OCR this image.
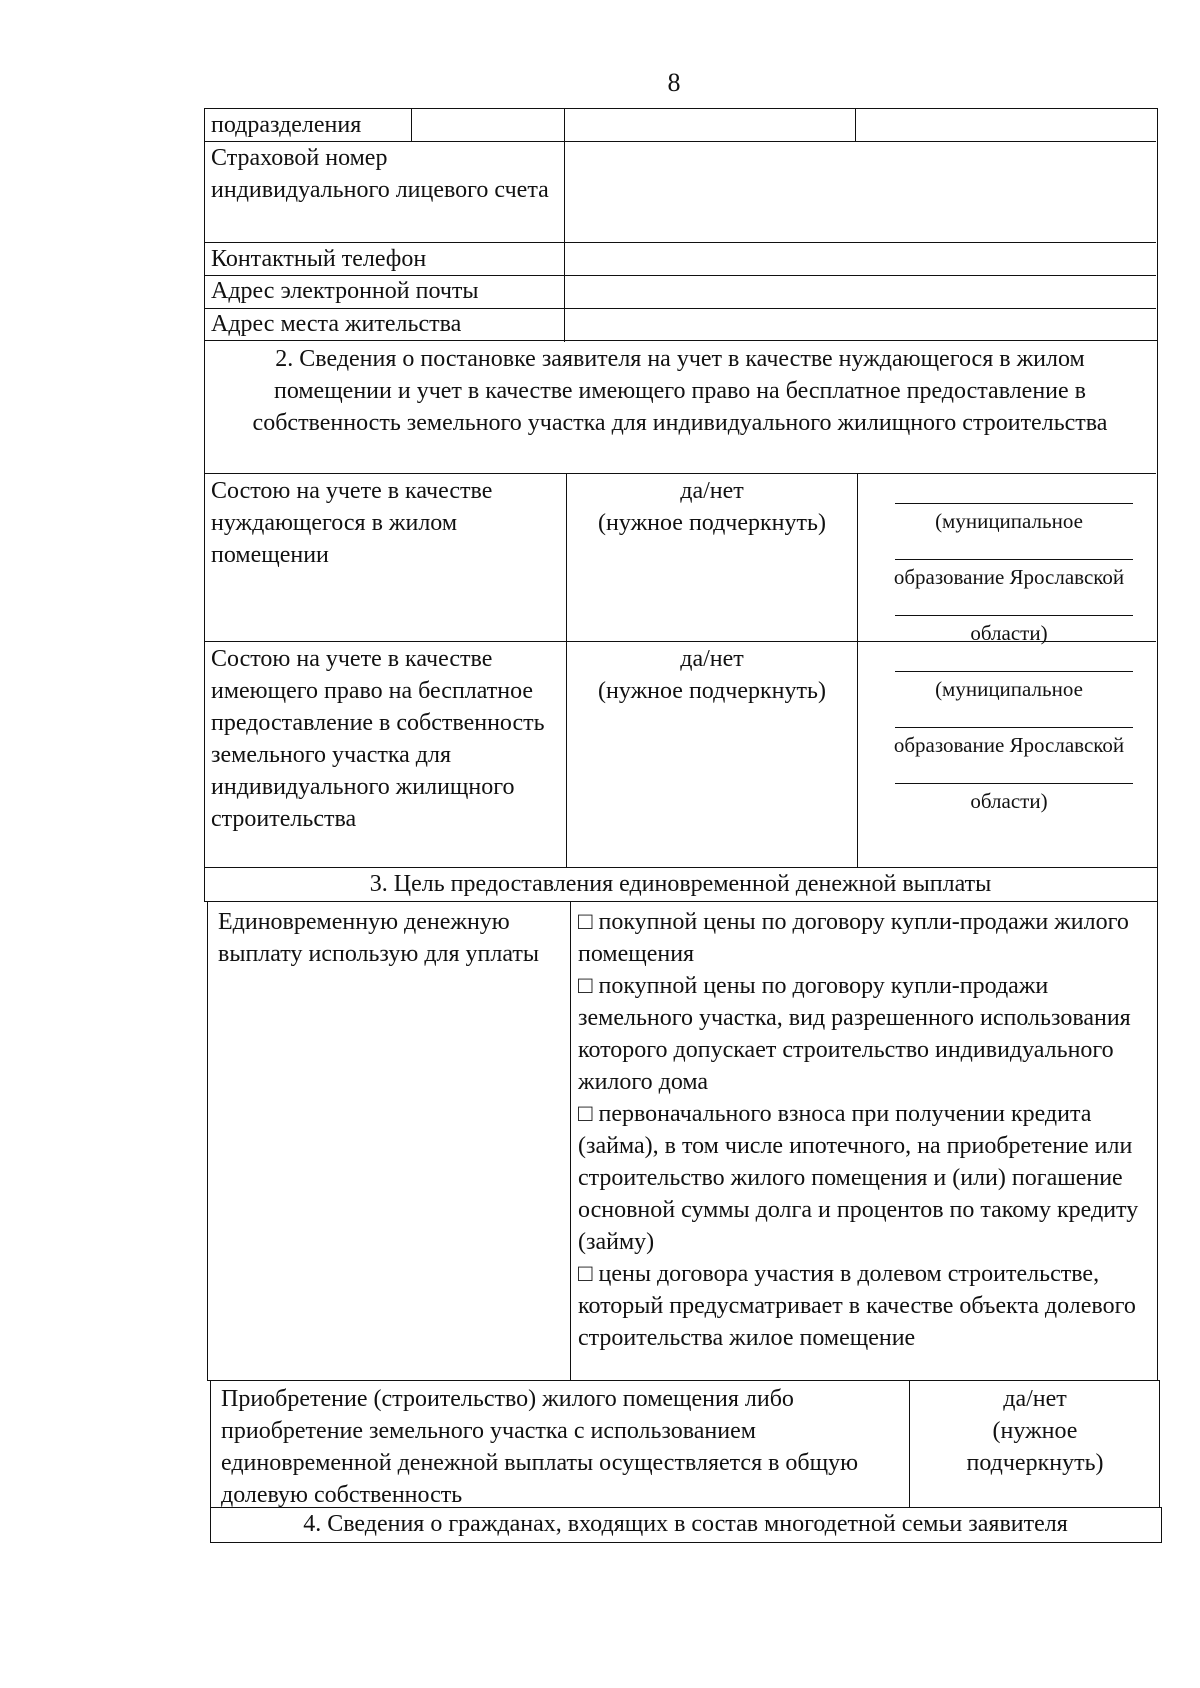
8
подразделения
Страховой номер индивидуального лицевого счета
Контактный телефон
Адрес электронной почты
Адрес места жительства
2. Сведения о постановке заявителя на учет в качестве нуждающегося в жилом помещении и учет в качестве имеющего право на бесплатное предоставление в собственность земельного участка для индивидуального жилищного строительства
Состою на учете в качестве нуждающегося в жилом помещении
да/нет
(нужное подчеркнуть)	(муниципальное
образование Ярославской
области)
Состою на учете в качестве имеющего право на бесплатное предоставление в собственность земельного участка для индивидуального жилищного строительства
да/нет
(нужное подчеркнуть)	(муниципальное
образование Ярославской
области)
3. Цель предоставления единовременной денежной выплаты
Единовременную денежную выплату использую для уплаты
□ покупной цены по договору купли-продажи жилого помещения
□ покупной цены по договору купли-продажи земельного участка, вид разрешенного использования которого допускает строительство индивидуального жилого дома
□ первоначального взноса при получении кредита (займа), в том числе ипотечного, на приобретение или строительство жилого помещения и (или) погашение основной суммы долга и процентов по такому кредиту (займу)
□ цены договора участия в долевом строительстве, который предусматривает в качестве объекта долевого строительства жилое помещение
Приобретение (строительство) жилого помещения либо приобретение земельного участка с использованием единовременной денежной выплаты осуществляется в общую долевую собственность
да/нет
(нужное
подчеркнуть)
4. Сведения о гражданах, входящих в состав многодетной семьи заявителя
